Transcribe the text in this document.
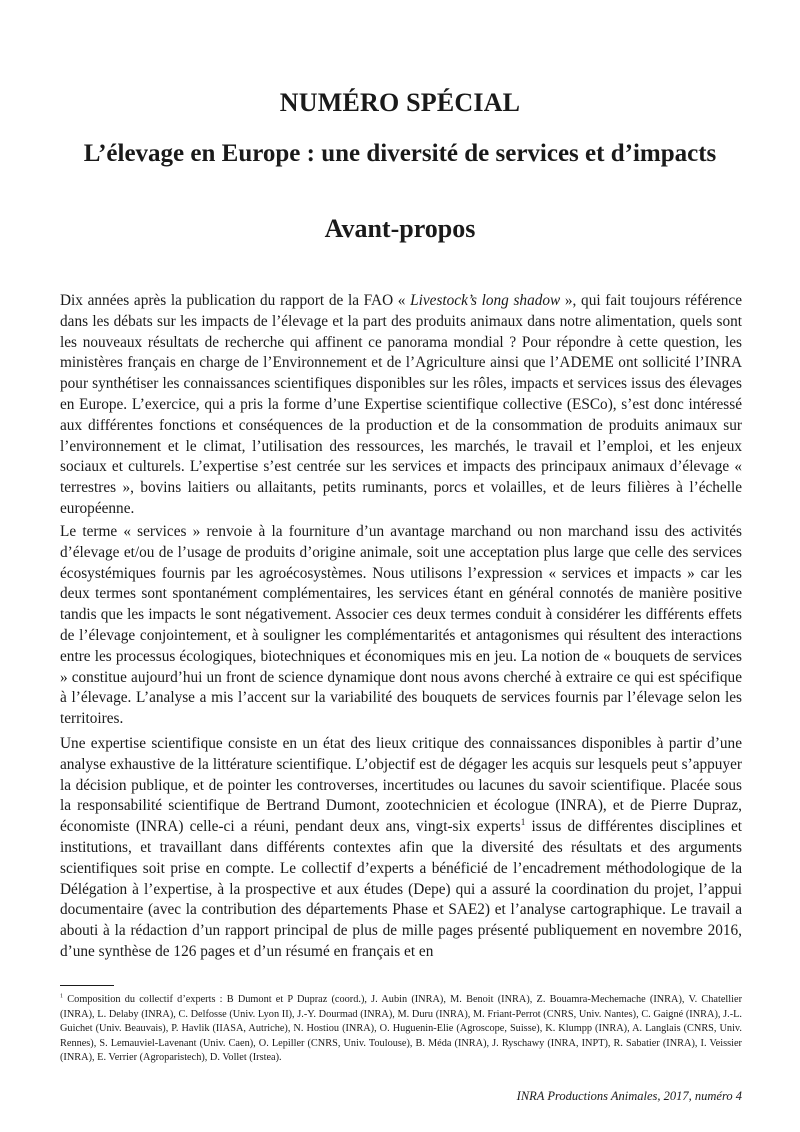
NUMÉRO SPÉCIAL
L’élevage en Europe : une diversité de services et d’impacts
Avant-propos

Dix années après la publication du rapport de la FAO « Livestock’s long shadow », qui fait toujours référence dans les débats sur les impacts de l’élevage et la part des produits animaux dans notre alimentation, quels sont les nouveaux résultats de recherche qui affinent ce panorama mondial ? Pour répondre à cette question, les ministères français en charge de l’Environnement et de l’Agriculture ainsi que l’ADEME ont sollicité l’INRA pour synthétiser les connaissances scientifiques disponibles sur les rôles, impacts et services issus des élevages en Europe. L’exercice, qui a pris la forme d’une Expertise scientifique collective (ESCo), s’est donc intéressé aux différentes fonctions et conséquences de la production et de la consommation de produits animaux sur l’environnement et le climat, l’utilisation des ressources, les marchés, le travail et l’emploi, et les enjeux sociaux et culturels. L’expertise s’est centrée sur les services et impacts des principaux animaux d’élevage « terrestres », bovins laitiers ou allaitants, petits ruminants, porcs et volailles, et de leurs filières à l’échelle européenne.

Le terme « services » renvoie à la fourniture d’un avantage marchand ou non marchand issu des activités d’élevage et/ou de l’usage de produits d’origine animale, soit une acceptation plus large que celle des services écosystémiques fournis par les agroécosystèmes. Nous utilisons l’expression « services et impacts » car les deux termes sont spontanément complémentaires, les services étant en général connotés de manière positive tandis que les impacts le sont négativement. Associer ces deux termes conduit à considérer les différents effets de l’élevage conjointement, et à souligner les complémentarités et antagonismes qui résultent des interactions entre les processus écologiques, biotechniques et économiques mis en jeu. La notion de « bouquets de services » constitue aujourd’hui un front de science dynamique dont nous avons cherché à extraire ce qui est spécifique à l’élevage. L’analyse a mis l’accent sur la variabilité des bouquets de services fournis par l’élevage selon les territoires.

Une expertise scientifique consiste en un état des lieux critique des connaissances disponibles à partir d’une analyse exhaustive de la littérature scientifique. L’objectif est de dégager les acquis sur lesquels peut s’appuyer la décision publique, et de pointer les controverses, incertitudes ou lacunes du savoir scientifique. Placée sous la responsabilité scientifique de Bertrand Dumont, zootechnicien et écologue (INRA), et de Pierre Dupraz, économiste (INRA) celle-ci a réuni, pendant deux ans, vingt-six experts$^1$ issus de différentes disciplines et institutions, et travaillant dans différents contextes afin que la diversité des résultats et des arguments scientifiques soit prise en compte. Le collectif d’experts a bénéficié de l’encadrement méthodologique de la Délégation à l’expertise, à la prospective et aux études (Depe) qui a assuré la coordination du projet, l’appui documentaire (avec la contribution des départements Phase et SAE2) et l’analyse cartographique. Le travail a abouti à la rédaction d’un rapport principal de plus de mille pages présenté publiquement en novembre 2016, d’une synthèse de 126 pages et d’un résumé en français et en

$^1$ Composition du collectif d’experts : B Dumont et P Dupraz (coord.), J. Aubin (INRA), M. Benoit (INRA), Z. Bouamra-Mechemache (INRA), V. Chatellier (INRA), L. Delaby (INRA), C. Delfosse (Univ. Lyon II), J.-Y. Dourmad (INRA), M. Duru (INRA), M. Friant-Perrot (CNRS, Univ. Nantes), C. Gaigné (INRA), J.-L. Guichet (Univ. Beauvais), P. Havlik (IIASA, Autriche), N. Hostiou (INRA), O. Huguenin-Elie (Agroscope, Suisse), K. Klumpp (INRA), A. Langlais (CNRS, Univ. Rennes), S. Lemauviel-Lavenant (Univ. Caen), O. Lepiller (CNRS, Univ. Toulouse), B. Méda (INRA), J. Ryschawy (INRA, INPT), R. Sabatier (INRA), I. Veissier (INRA), E. Verrier (Agroparistech), D. Vollet (Irstea).

INRA Productions Animales, 2017, numéro 4
